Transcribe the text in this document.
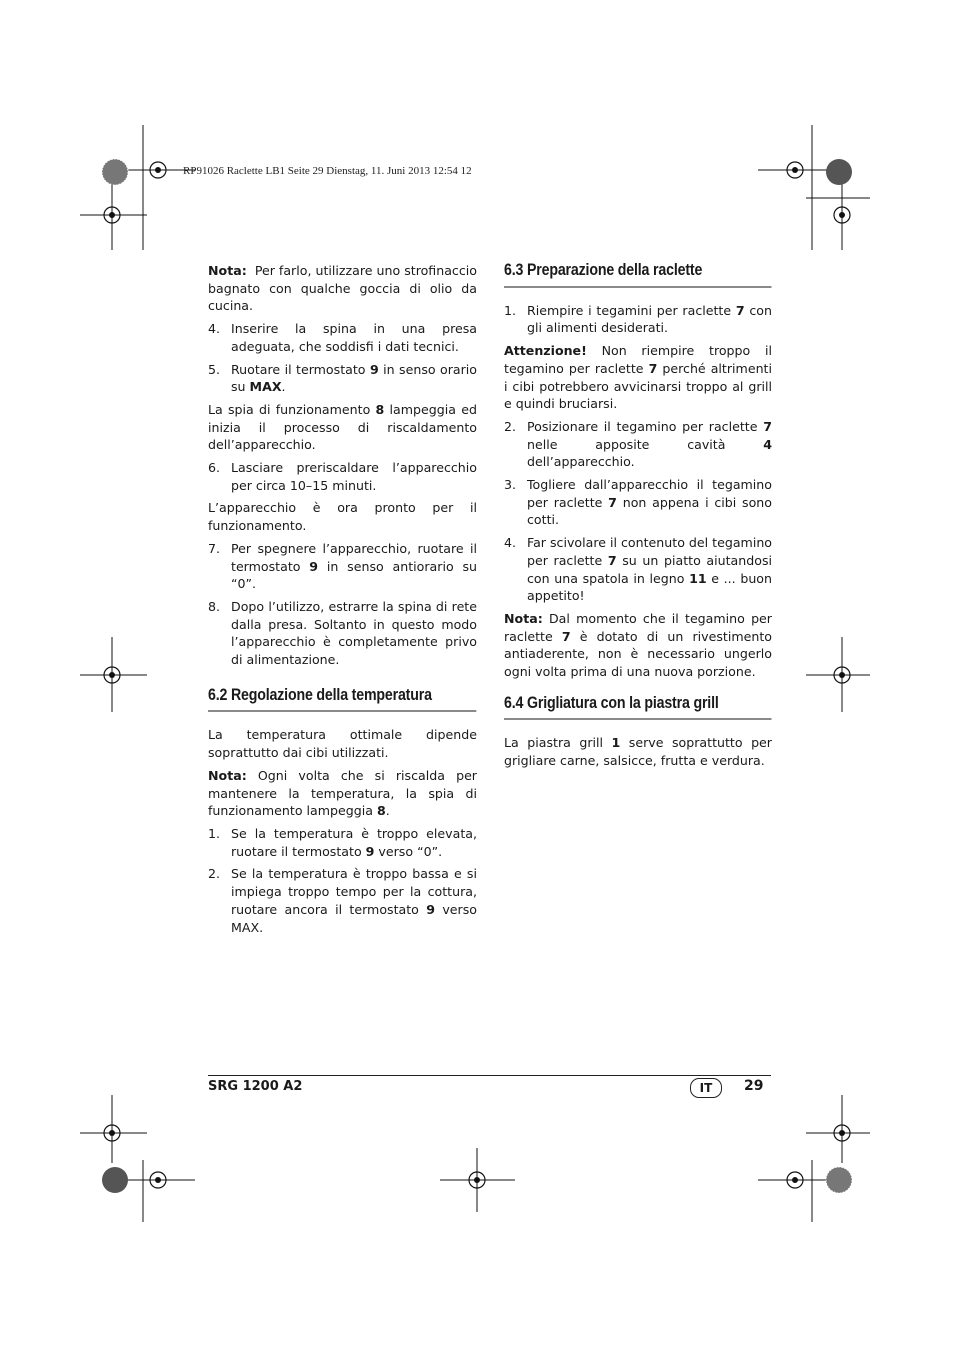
RP91026 Raclette LB1 Seite 29 Dienstag, 11. Juni 2013 12:54 12

Nota: Per farlo, utilizzare uno strofinaccio bagnato con qualche goccia di olio da cucina.

4. Inserire la spina in una presa adeguata, che soddisfi i dati tecnici.
5. Ruotare il termostato 9 in senso orario su MAX.

La spia di funzionamento 8 lampeggia ed inizia il processo di riscaldamento dell’apparecchio.

6. Lasciare preriscaldare l’apparecchio per circa 10–15 minuti.

L’apparecchio è ora pronto per il funzionamento.

7. Per spegnere l’apparecchio, ruotare il termostato 9 in senso antiorario su “0”.
8. Dopo l’utilizzo, estrarre la spina di rete dalla presa. Soltanto in questo modo l’apparecchio è completamente privo di alimentazione.
6.2 Regolazione della temperatura

La temperatura ottimale dipende soprattutto dai cibi utilizzati.

Nota: Ogni volta che si riscalda per mantenere la temperatura, la spia di funzionamento lampeggia 8.

1. Se la temperatura è troppo elevata, ruotare il termostato 9 verso “0”.
2. Se la temperatura è troppo bassa e si impiega troppo tempo per la cottura, ruotare ancora il termostato 9 verso MAX.
6.3 Preparazione della raclette
1. Riempire i tegamini per raclette 7 con gli alimenti desiderati.

Attenzione! Non riempire troppo il tegamino per raclette 7 perché altrimenti i cibi potrebbero avvicinarsi troppo al grill e quindi bruciarsi.

2. Posizionare il tegamino per raclette 7 nelle apposite cavità 4 dell’apparecchio.
3. Togliere dall’apparecchio il tegamino per raclette 7 non appena i cibi sono cotti.
4. Far scivolare il contenuto del tegamino per raclette 7 su un piatto aiutandosi con una spatola in legno 11 e ... buon appetito!

Nota: Dal momento che il tegamino per raclette 7 è dotato di un rivestimento antiaderente, non è necessario ungerlo ogni volta prima di una nuova porzione.

6.4 Grigliatura con la piastra grill

La piastra grill 1 serve soprattutto per grigliare carne, salsicce, frutta e verdura.

SRG 1200 A2	IT	29
